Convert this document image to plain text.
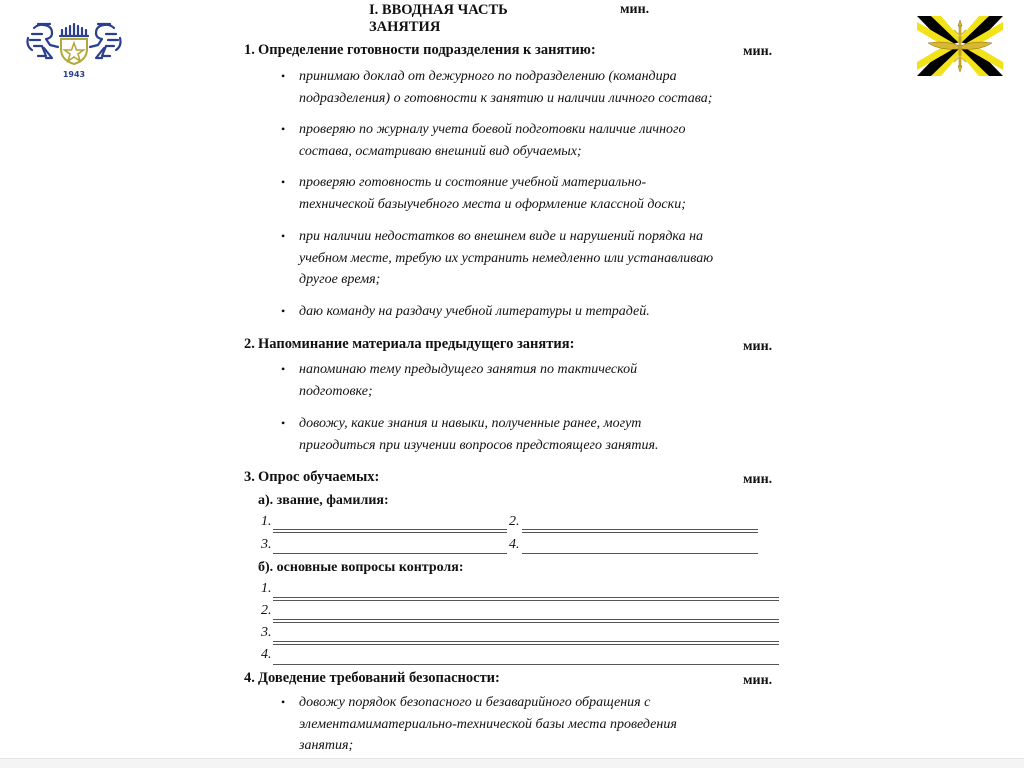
1943
I. ВВОДНАЯ ЧАСТЬ
ЗАНЯТИЯ
мин.
1. Определение готовности подразделения к занятию:	мин.
• принимаю доклад от дежурного по подразделению (командира
подразделения) о готовности к занятию и наличии личного состава;
• проверяю по журналу учета боевой подготовки наличие личного
состава, осматриваю внешний вид обучаемых;
• проверяю готовность и состояние учебной материально-
технической базыучебного места и оформление классной доски;
• при наличии недостатков во внешнем виде и нарушений порядка на
учебном месте, требую их устранить немедленно или устанавливаю
другое время;
• даю команду на раздачу учебной литературы и тетрадей.
2. Напоминание материала предыдущего занятия:	мин.
• напоминаю тему предыдущего занятия по тактической
подготовке;
• довожу, какие знания и навыки, полученные ранее, могут
пригодиться при изучении вопросов предстоящего занятия.
3. Опрос обучаемых:	мин.
а). звание, фамилия:
1.	2.
3.	4.
б). основные вопросы контроля:
1.
2.
3.
4.
4. Доведение требований безопасности:	мин.
• довожу порядок безопасного и безаварийного обращения с
элементамиматериально-технической базы места проведения
занятия;
